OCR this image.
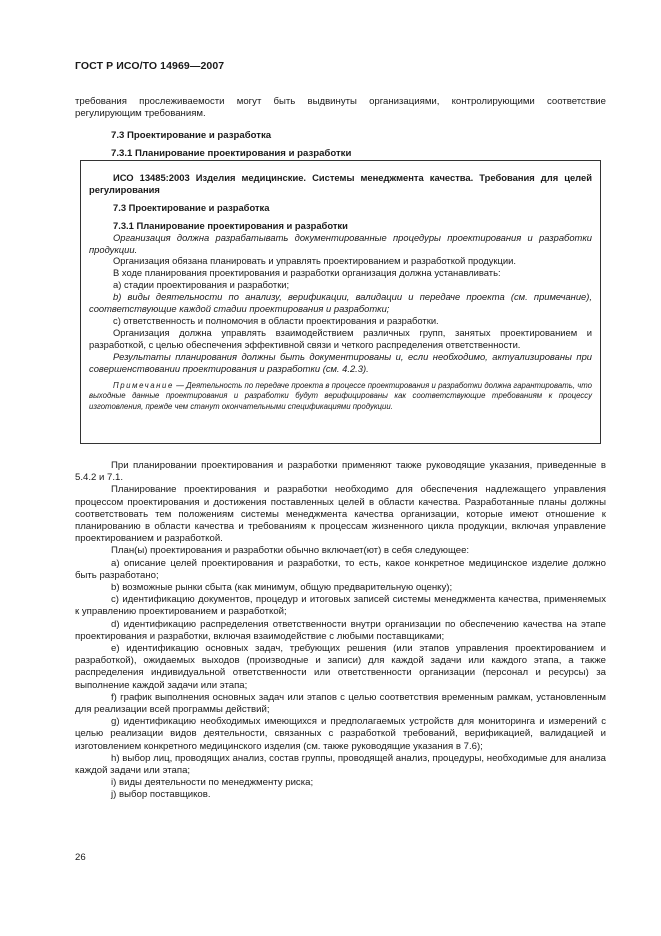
ГОСТ Р ИСО/ТО 14969—2007

требования прослеживаемости могут быть выдвинуты организациями, контролирующими соответствие регулирующим требованиям.

7.3 Проектирование и разработка

7.3.1 Планирование проектирования и разработки

ИСО 13485:2003 Изделия медицинские. Системы менеджмента качества. Требования для целей регулирования

7.3 Проектирование и разработка

7.3.1 Планирование проектирования и разработки

Организация должна разрабатывать документированные процедуры проектирования и разработки продукции.

Организация обязана планировать и управлять проектированием и разработкой продукции.

В ходе планирования проектирования и разработки организация должна устанавливать:

a) стадии проектирования и разработки;

b) виды деятельности по анализу, верификации, валидации и передаче проекта (см. примечание), соответствующие каждой стадии проектирования и разработки;

c) ответственность и полномочия в области проектирования и разработки.

Организация должна управлять взаимодействием различных групп, занятых проектированием и разработкой, с целью обеспечения эффективной связи и четкого распределения ответственности.

Результаты планирования должны быть документированы и, если необходимо, актуализированы при совершенствовании проектирования и разработки (см. 4.2.3).

Примечание — Деятельность по передаче проекта в процессе проектирования и разработки должна гарантировать, что выходные данные проектирования и разработки будут верифицированы как соответствующие требованиям к процессу изготовления, прежде чем станут окончательными спецификациями продукции.

При планировании проектирования и разработки применяют также руководящие указания, приведенные в 5.4.2 и 7.1.

Планирование проектирования и разработки необходимо для обеспечения надлежащего управления процессом проектирования и достижения поставленных целей в области качества. Разработанные планы должны соответствовать тем положениям системы менеджмента качества организации, которые имеют отношение к планированию в области качества и требованиям к процессам жизненного цикла продукции, включая управление проектированием и разработкой.

План(ы) проектирования и разработки обычно включает(ют) в себя следующее:

a) описание целей проектирования и разработки, то есть, какое конкретное медицинское изделие должно быть разработано;

b) возможные рынки сбыта (как минимум, общую предварительную оценку);

c) идентификацию документов, процедур и итоговых записей системы менеджмента качества, применяемых к управлению проектированием и разработкой;

d) идентификацию распределения ответственности внутри организации по обеспечению качества на этапе проектирования и разработки, включая взаимодействие с любыми поставщиками;

e) идентификацию основных задач, требующих решения (или этапов управления проектированием и разработкой), ожидаемых выходов (производные и записи) для каждой задачи или каждого этапа, а также распределения индивидуальной ответственности или ответственности организации (персонал и ресурсы) за выполнение каждой задачи или этапа;

f) график выполнения основных задач или этапов с целью соответствия временным рамкам, установленным для реализации всей программы действий;

g) идентификацию необходимых имеющихся и предполагаемых устройств для мониторинга и измерений с целью реализации видов деятельности, связанных с разработкой требований, верификацией, валидацией и изготовлением конкретного медицинского изделия (см. также руководящие указания в 7.6);

h) выбор лиц, проводящих анализ, состав группы, проводящей анализ, процедуры, необходимые для анализа каждой задачи или этапа;

i) виды деятельности по менеджменту риска;

j) выбор поставщиков.

26
